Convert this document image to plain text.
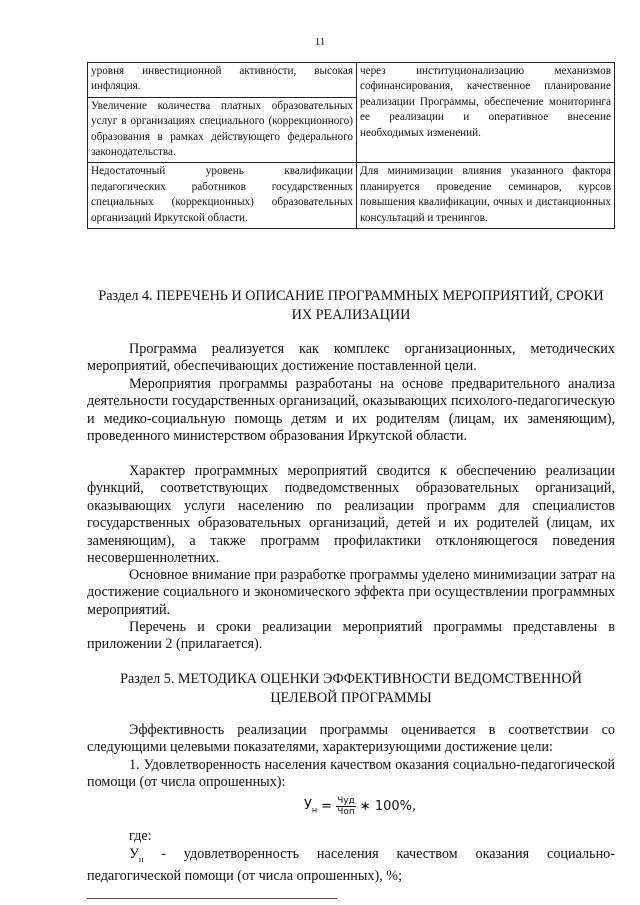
11
уровня инвестиционной активности, высокая инфляция.	через институционализацию механизмов софинансирования, качественное планирование реализации Программы, обеспечение мониторинга ее реализации и оперативное внесение необходимых изменений.
Увеличение количества платных образовательных услуг в организациях специального (коррекционного) образования в рамках действующего федерального законодательства.	
Недостаточный уровень квалификации педагогических работников государственных специальных (коррекционных) образовательных организаций Иркутской области.	Для минимизации влияния указанного фактора планируется проведение семинаров, курсов повышения квалификации, очных и дистанционных консультаций и тренингов.
Раздел 4. ПЕРЕЧЕНЬ И ОПИСАНИЕ ПРОГРАММНЫХ МЕРОПРИЯТИЙ, СРОКИ ИХ РЕАЛИЗАЦИИ

Программа реализуется как комплекс организационных, методических мероприятий, обеспечивающих достижение поставленной цели.

Мероприятия программы разработаны на основе предварительного анализа деятельности государственных организаций, оказывающих психолого-педагогическую и медико-социальную помощь детям и их родителям (лицам, их заменяющим), проведенного министерством образования Иркутской области.

Характер программных мероприятий сводится к обеспечению реализации функций, соответствующих подведомственных образовательных организаций, оказывающих услуги населению по реализации программ для специалистов государственных образовательных организаций, детей и их родителей (лицам, их заменяющим), а также программ профилактики отклоняющегося поведения несовершеннолетних.

Основное внимание при разработке программы уделено минимизации затрат на достижение социального и экономического эффекта при осуществлении программных мероприятий.

Перечень и сроки реализации мероприятий программы представлены в приложении 2 (прилагается).

Раздел 5. МЕТОДИКА ОЦЕНКИ ЭФФЕКТИВНОСТИ ВЕДОМСТВЕННОЙ ЦЕЛЕВОЙ ПРОГРАММЫ

Эффективность реализации программы оценивается в соответствии со следующими целевыми показателями, характеризующими достижение цели:

1. Удовлетворенность населения качеством оказания социально-педагогической помощи (от числа опрошенных):

$У_н = \frac{\text{Чуд}}{\text{Чоп}}$ ∗ 100%,

где:

$У_н$ - удовлетворенность населения качеством оказания социально-педагогической помощи (от числа опрошенных), %;
